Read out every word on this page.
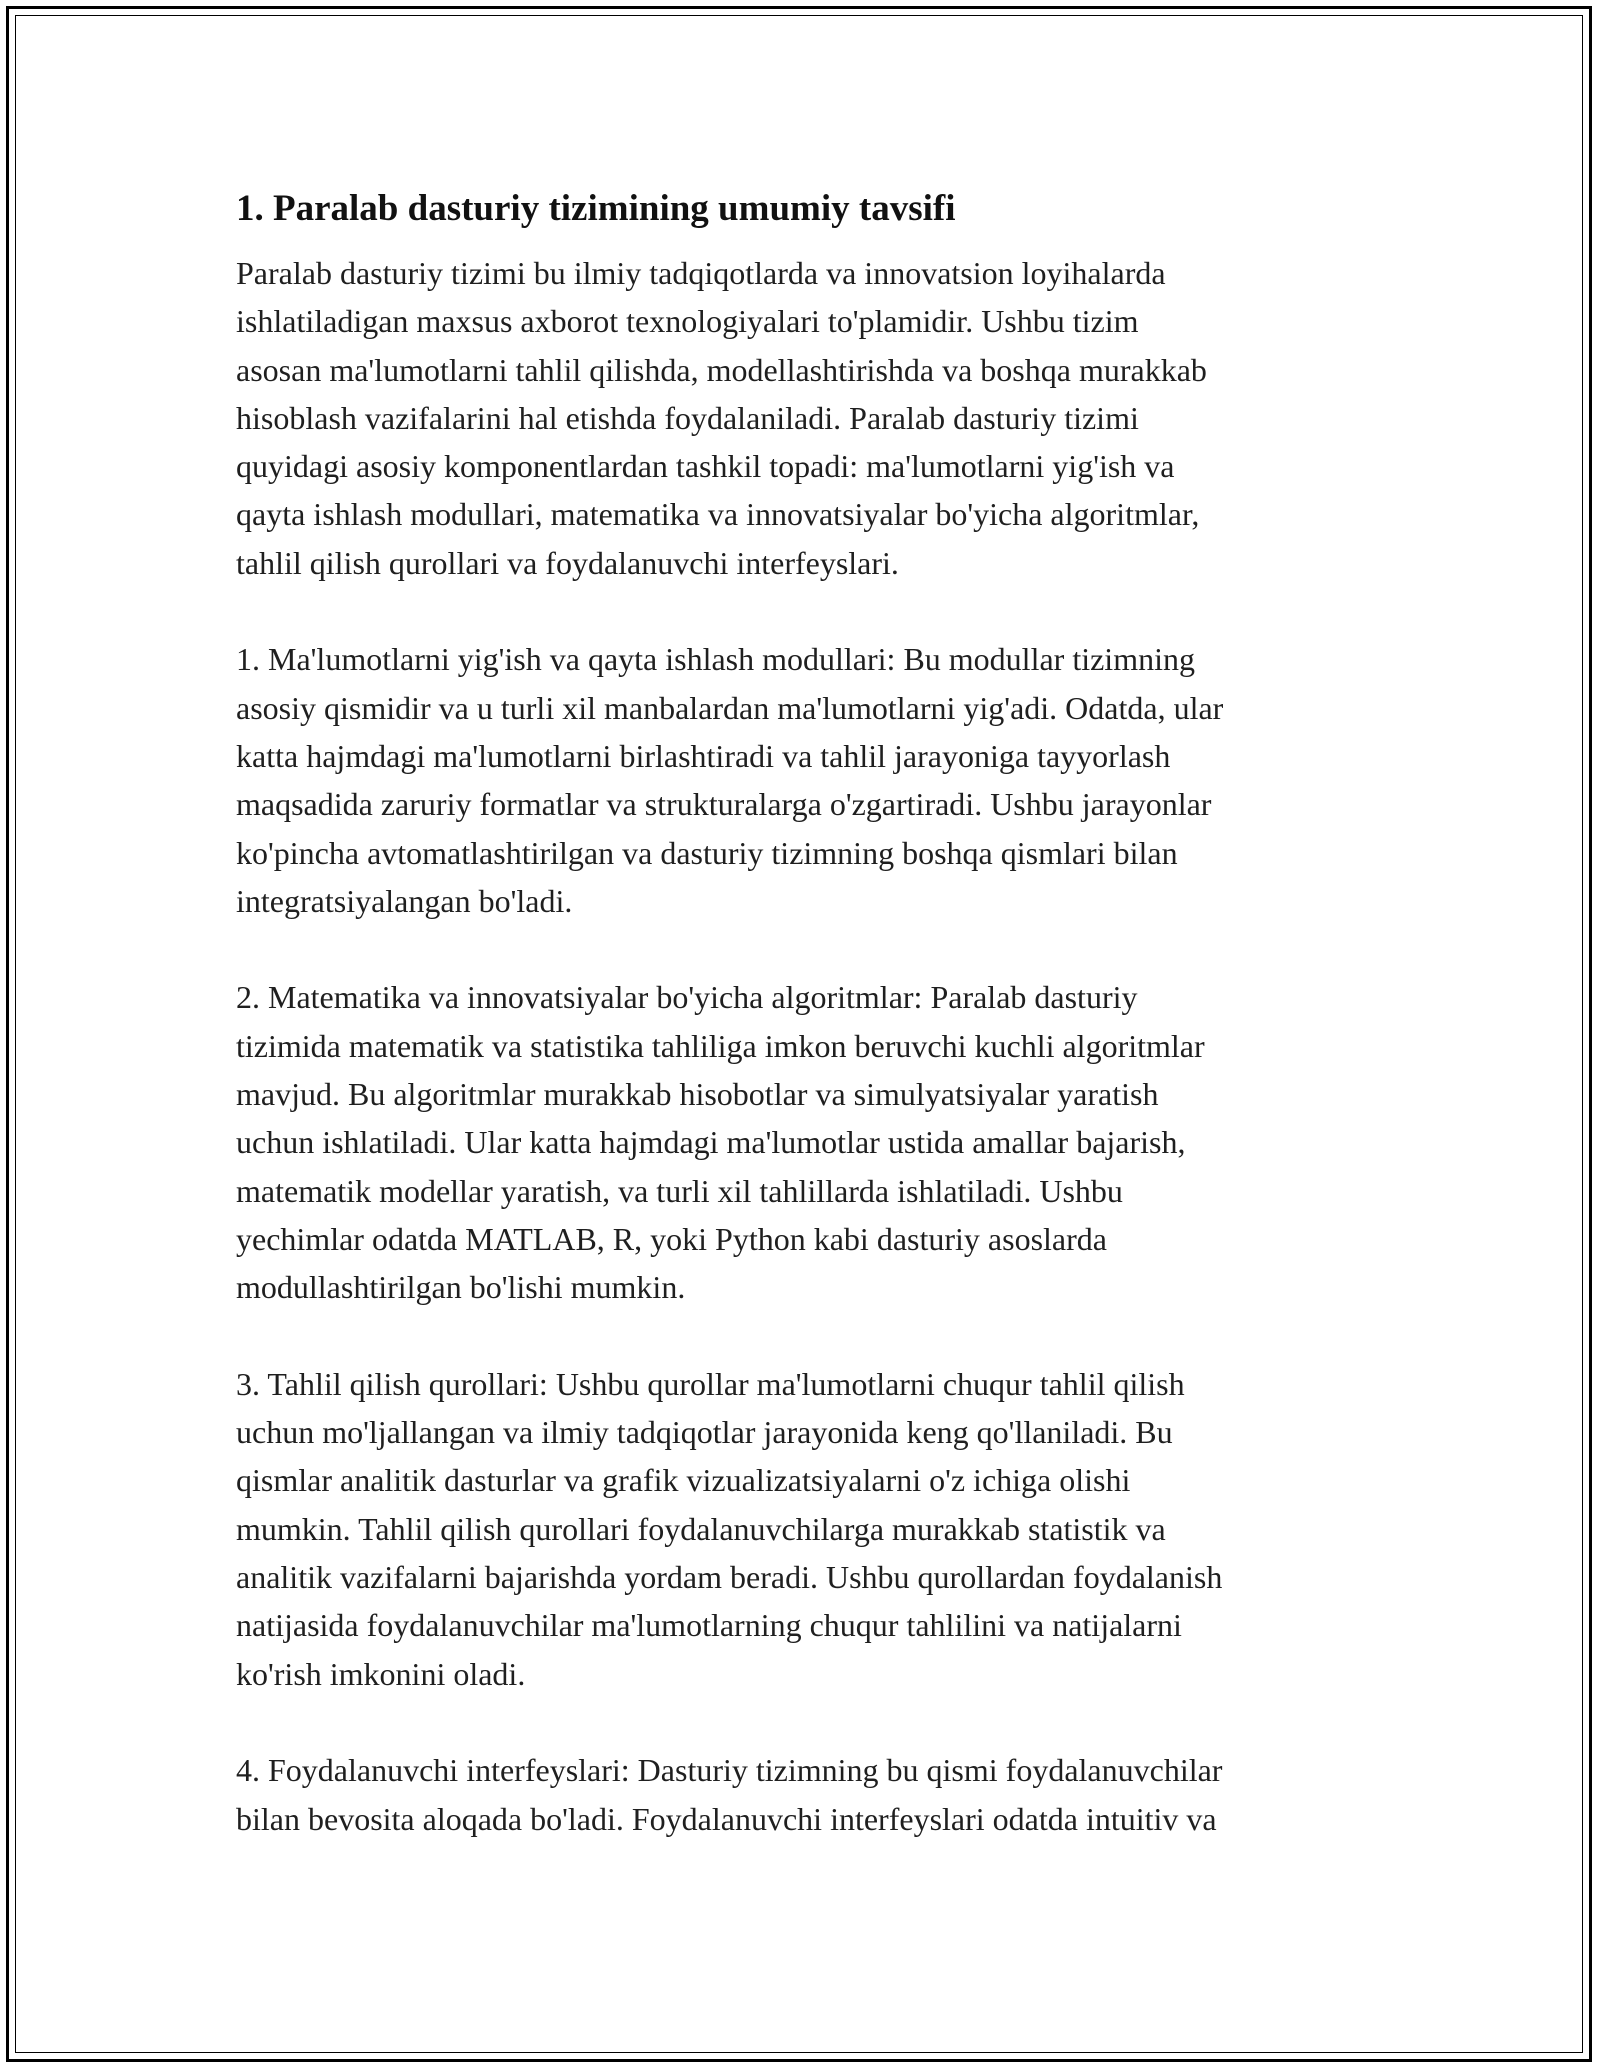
1. Paralab dasturiy tizimining umumiy tavsifi

Paralab dasturiy tizimi bu ilmiy tadqiqotlarda va innovatsion loyihalarda
ishlatiladigan maxsus axborot texnologiyalari to'plamidir. Ushbu tizim
asosan ma'lumotlarni tahlil qilishda, modellashtirishda va boshqa murakkab
hisoblash vazifalarini hal etishda foydalaniladi. Paralab dasturiy tizimi
quyidagi asosiy komponentlardan tashkil topadi: ma'lumotlarni yig'ish va
qayta ishlash modullari, matematika va innovatsiyalar bo'yicha algoritmlar,
tahlil qilish qurollari va foydalanuvchi interfeyslari.

1. Ma'lumotlarni yig'ish va qayta ishlash modullari: Bu modullar tizimning
asosiy qismidir va u turli xil manbalardan ma'lumotlarni yig'adi. Odatda, ular
katta hajmdagi ma'lumotlarni birlashtiradi va tahlil jarayoniga tayyorlash
maqsadida zaruriy formatlar va strukturalarga o'zgartiradi. Ushbu jarayonlar
ko'pincha avtomatlashtirilgan va dasturiy tizimning boshqa qismlari bilan
integratsiyalangan bo'ladi.

2. Matematika va innovatsiyalar bo'yicha algoritmlar: Paralab dasturiy
tizimida matematik va statistika tahliliga imkon beruvchi kuchli algoritmlar
mavjud. Bu algoritmlar murakkab hisobotlar va simulyatsiyalar yaratish
uchun ishlatiladi. Ular katta hajmdagi ma'lumotlar ustida amallar bajarish,
matematik modellar yaratish, va turli xil tahlillarda ishlatiladi. Ushbu
yechimlar odatda MATLAB, R, yoki Python kabi dasturiy asoslarda
modullashtirilgan bo'lishi mumkin.

3. Tahlil qilish qurollari: Ushbu qurollar ma'lumotlarni chuqur tahlil qilish
uchun mo'ljallangan va ilmiy tadqiqotlar jarayonida keng qo'llaniladi. Bu
qismlar analitik dasturlar va grafik vizualizatsiyalarni o'z ichiga olishi
mumkin. Tahlil qilish qurollari foydalanuvchilarga murakkab statistik va
analitik vazifalarni bajarishda yordam beradi. Ushbu qurollardan foydalanish
natijasida foydalanuvchilar ma'lumotlarning chuqur tahlilini va natijalarni
ko'rish imkonini oladi.

4. Foydalanuvchi interfeyslari: Dasturiy tizimning bu qismi foydalanuvchilar
bilan bevosita aloqada bo'ladi. Foydalanuvchi interfeyslari odatda intuitiv va
